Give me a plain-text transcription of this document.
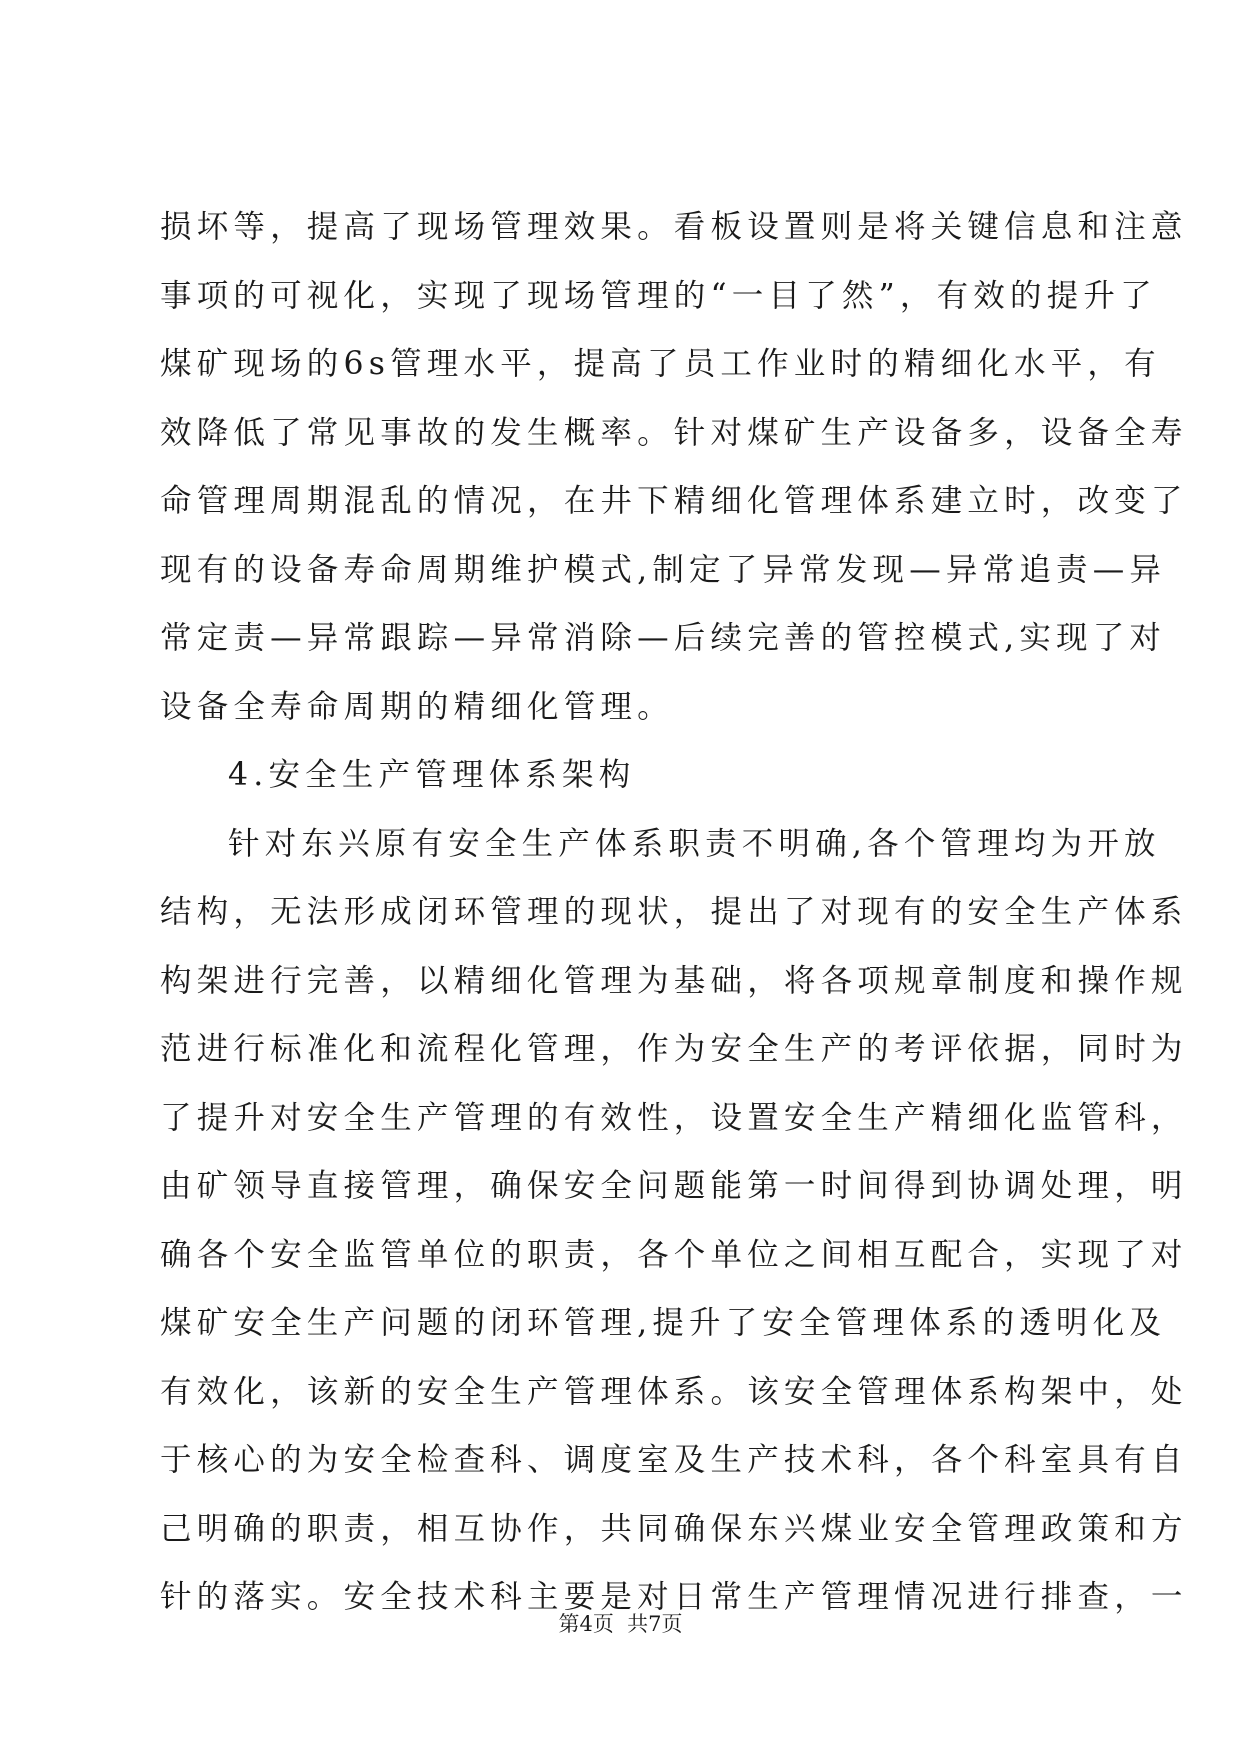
损坏等，提高了现场管理效果。看板设置则是将关键信息和注意
事项的可视化，实现了现场管理的“一目了然”，有效的提升了
煤矿现场的6s管理水平，提高了员工作业时的精细化水平，有
效降低了常见事故的发生概率。针对煤矿生产设备多，设备全寿
命管理周期混乱的情况，在井下精细化管理体系建立时，改变了
现有的设备寿命周期维护模式,制定了异常发现—异常追责—异
常定责—异常跟踪—异常消除—后续完善的管控模式,实现了对
设备全寿命周期的精细化管理。
4.安全生产管理体系架构
针对东兴原有安全生产体系职责不明确,各个管理均为开放
结构，无法形成闭环管理的现状，提出了对现有的安全生产体系
构架进行完善，以精细化管理为基础，将各项规章制度和操作规
范进行标准化和流程化管理，作为安全生产的考评依据，同时为
了提升对安全生产管理的有效性，设置安全生产精细化监管科，
由矿领导直接管理，确保安全问题能第一时间得到协调处理，明
确各个安全监管单位的职责，各个单位之间相互配合，实现了对
煤矿安全生产问题的闭环管理,提升了安全管理体系的透明化及
有效化，该新的安全生产管理体系。该安全管理体系构架中，处
于核心的为安全检查科、调度室及生产技术科，各个科室具有自
己明确的职责，相互协作，共同确保东兴煤业安全管理政策和方
针的落实。安全技术科主要是对日常生产管理情况进行排查，一
第4页  共7页
